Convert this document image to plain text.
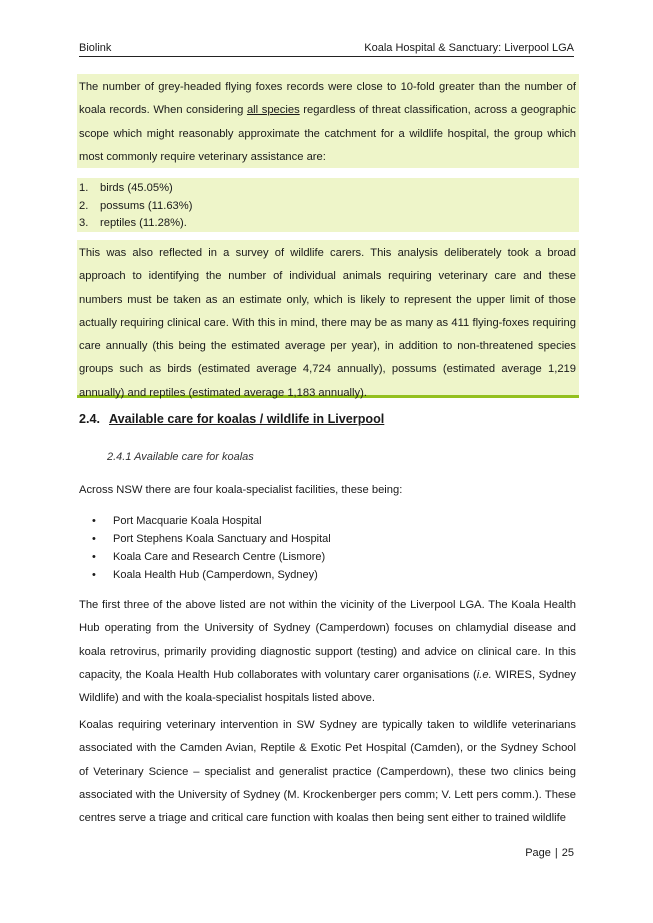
Biolink	Koala Hospital & Sanctuary: Liverpool LGA
The number of grey-headed flying foxes records were close to 10-fold greater than the number of koala records. When considering all species regardless of threat classification, across a geographic scope which might reasonably approximate the catchment for a wildlife hospital, the group which most commonly require veterinary assistance are:
1. birds (45.05%)
2. possums (11.63%)
3. reptiles (11.28%).
This was also reflected in a survey of wildlife carers. This analysis deliberately took a broad approach to identifying the number of individual animals requiring veterinary care and these numbers must be taken as an estimate only, which is likely to represent the upper limit of those actually requiring clinical care. With this in mind, there may be as many as 411 flying-foxes requiring care annually (this being the estimated average per year), in addition to non-threatened species groups such as birds (estimated average 4,724 annually), possums (estimated average 1,219 annually) and reptiles (estimated average 1,183 annually).
2.4. Available care for koalas / wildlife in Liverpool
2.4.1 Available care for koalas
Across NSW there are four koala-specialist facilities, these being:
• Port Macquarie Koala Hospital
• Port Stephens Koala Sanctuary and Hospital
• Koala Care and Research Centre (Lismore)
• Koala Health Hub (Camperdown, Sydney)
The first three of the above listed are not within the vicinity of the Liverpool LGA. The Koala Health Hub operating from the University of Sydney (Camperdown) focuses on chlamydial disease and koala retrovirus, primarily providing diagnostic support (testing) and advice on clinical care. In this capacity, the Koala Health Hub collaborates with voluntary carer organisations (i.e. WIRES, Sydney Wildlife) and with the koala-specialist hospitals listed above.
Koalas requiring veterinary intervention in SW Sydney are typically taken to wildlife veterinarians associated with the Camden Avian, Reptile & Exotic Pet Hospital (Camden), or the Sydney School of Veterinary Science – specialist and generalist practice (Camperdown), these two clinics being associated with the University of Sydney (M. Krockenberger pers comm; V. Lett pers comm.). These centres serve a triage and critical care function with koalas then being sent either to trained wildlife
Page | 25
